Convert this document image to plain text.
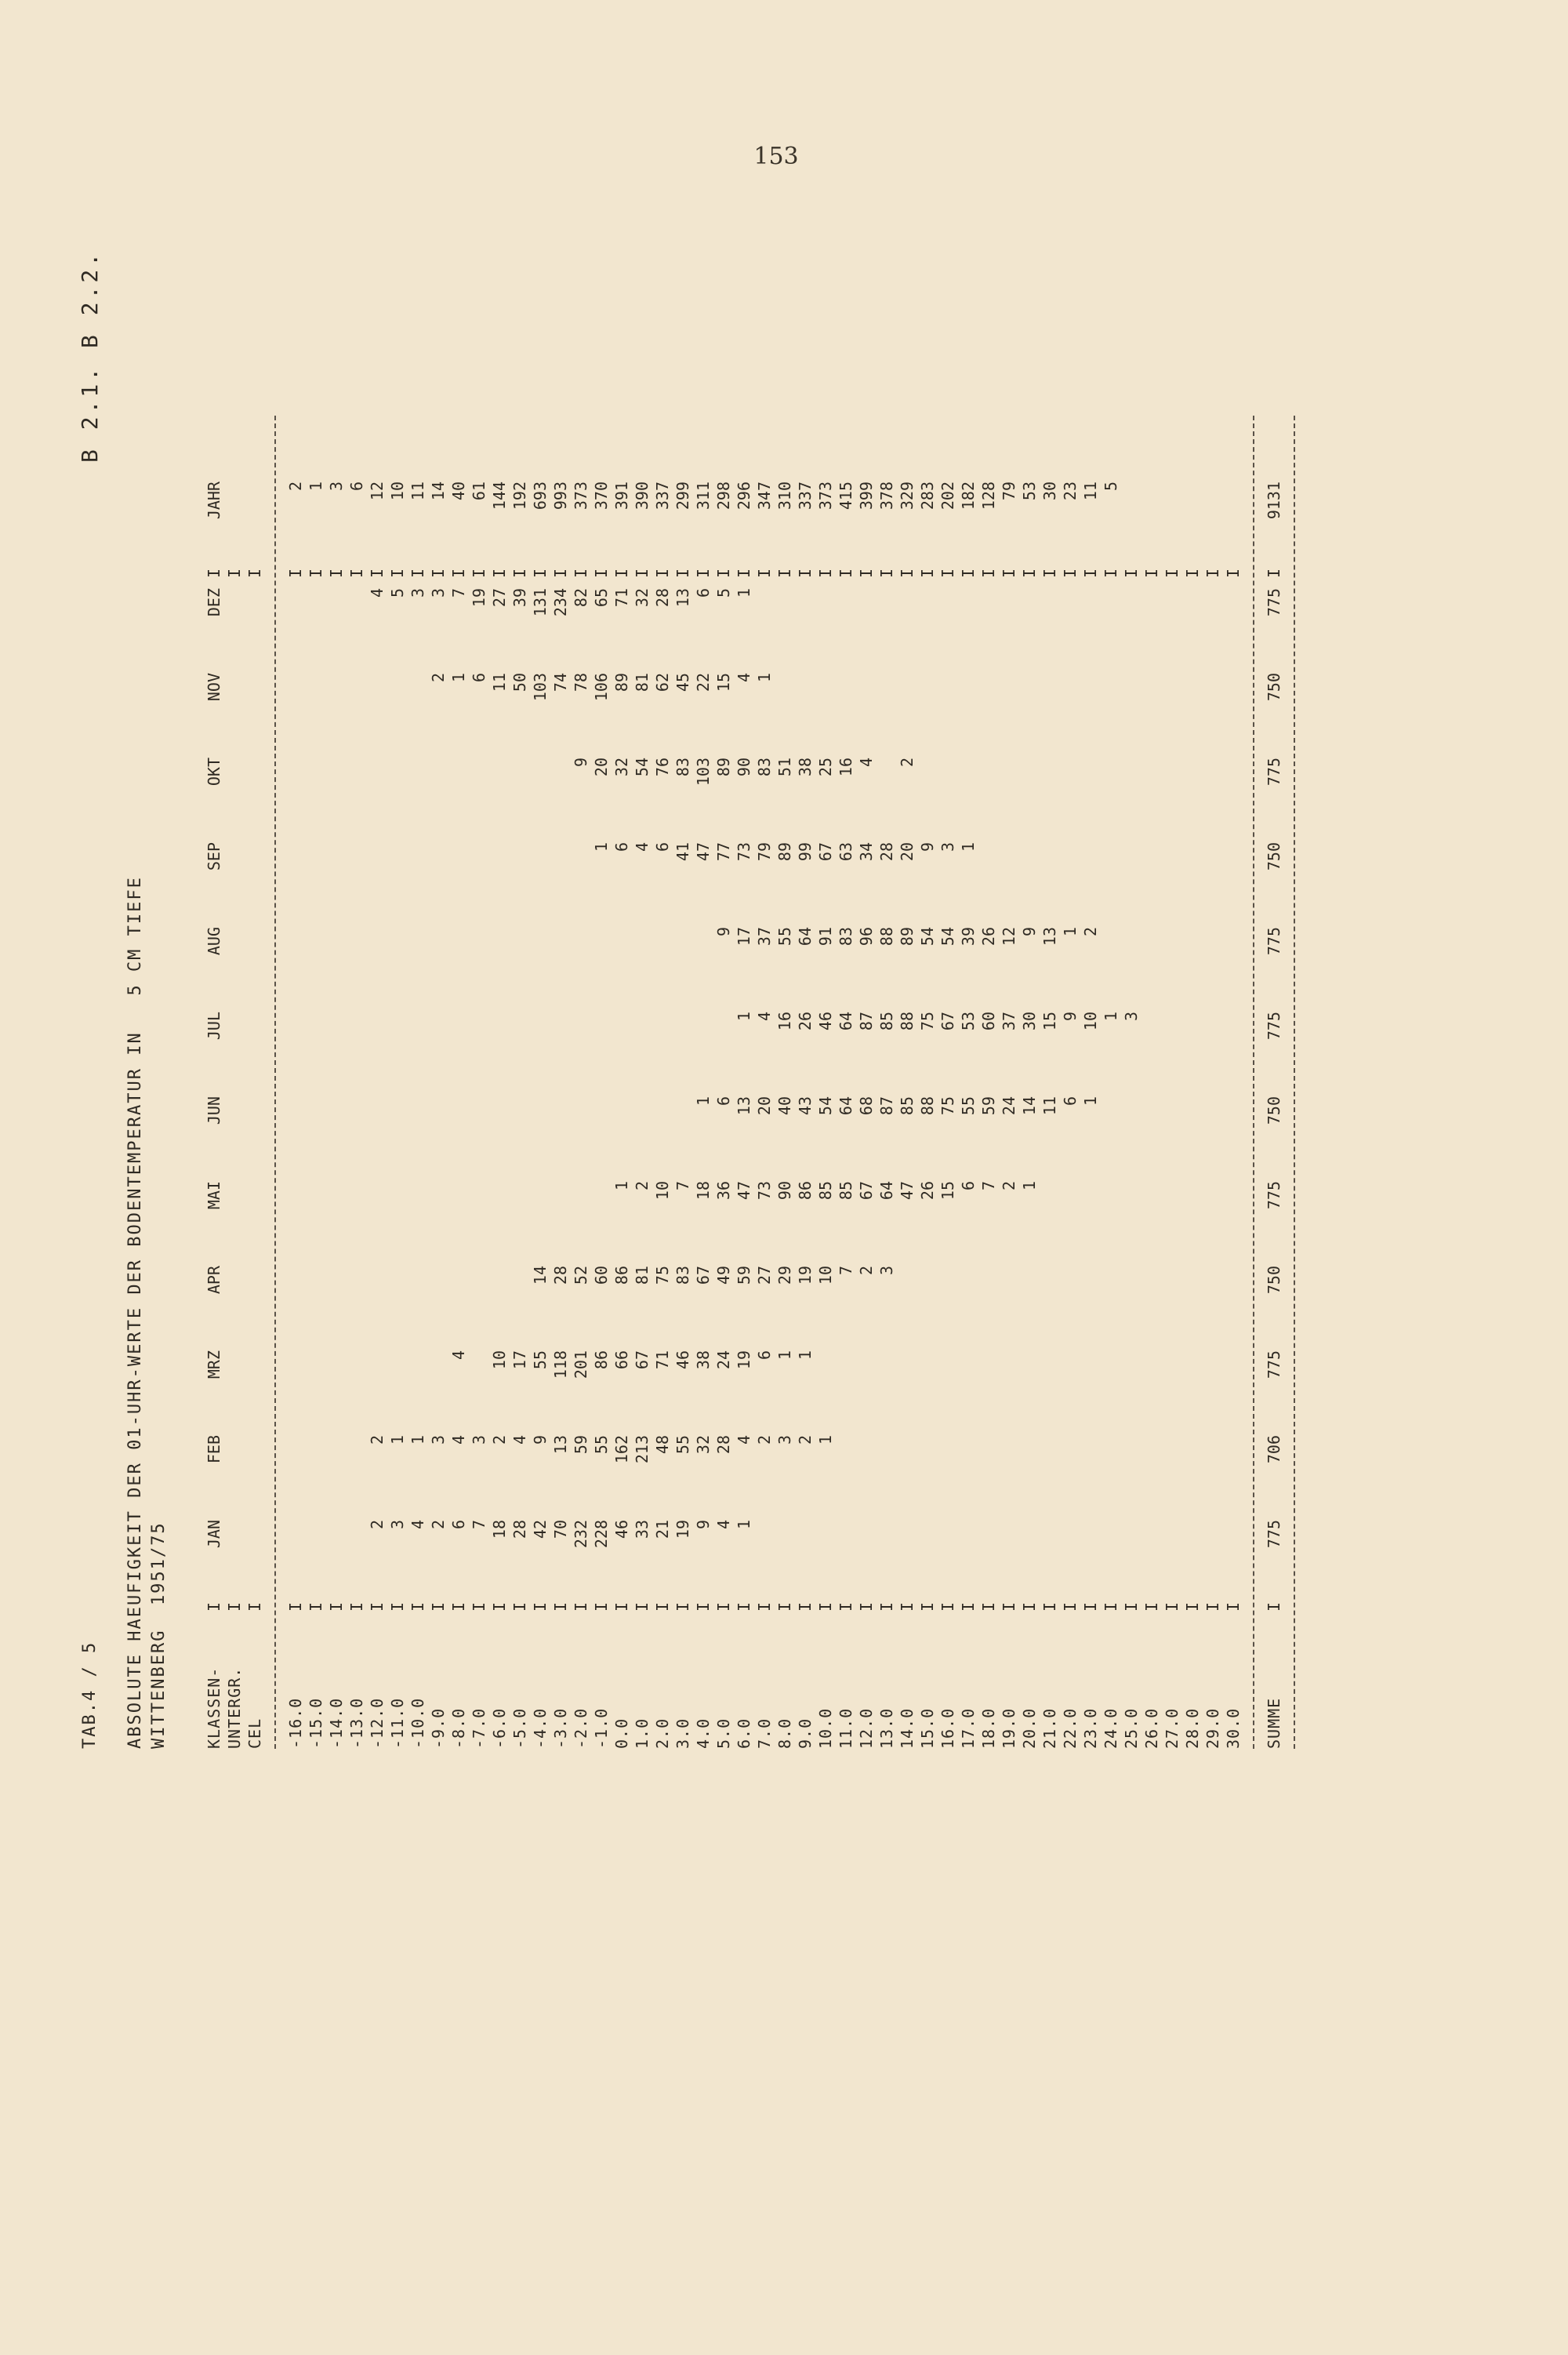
153

TAB.4 / 5

B 2.1. B 2.2.

ABSOLUTE HAEUFIGKEIT DER 01-UHR-WERTE DER BODENTEMPERATUR IN   5 CM TIEFE

WITTENBERG  1951/75

KLASSEN-
I
JAN
FEB
MRZ
APR
MAI
JUN
JUL
AUG
SEP
OKT
NOV
DEZ
I
JAHR
UNTERGR.
I
I
CEL
I
I
-16.0
I
I
2
-15.0
I
I
1
-14.0
I
I
3
-13.0
I
I
6
-12.0
I
2
2
4
I
12
-11.0
I
3
1
5
I
10
-10.0
I
4
1
3
I
11
-9.0
I
2
3
2
3
I
14
-8.0
I
6
4
4
1
7
I
40
-7.0
I
7
3
6
19
I
61
-6.0
I
18
2
10
11
27
I
144
-5.0
I
28
4
17
50
39
I
192
-4.0
I
42
9
55
14
103
131
I
693
-3.0
I
70
13
118
28
74
234
I
993
-2.0
I
232
59
201
52
9
78
82
I
373
-1.0
I
228
55
86
60
1
20
106
65
I
370
0.0
I
46
162
66
86
1
6
32
89
71
I
391
1.0
I
33
213
67
81
2
4
54
81
32
I
390
2.0
I
21
48
71
75
10
6
76
62
28
I
337
3.0
I
19
55
46
83
7
41
83
45
13
I
299
4.0
I
9
32
38
67
18
1
47
103
22
6
I
311
5.0
I
4
28
24
49
36
6
9
77
89
15
5
I
298
6.0
I
1
4
19
59
47
13
1
17
73
90
4
1
I
296
7.0
I
2
6
27
73
20
4
37
79
83
1
I
347
8.0
I
3
1
29
90
40
16
55
89
51
I
310
9.0
I
2
1
19
86
43
26
64
99
38
I
337
10.0
I
1
10
85
54
46
91
67
25
I
373
11.0
I
7
85
64
64
83
63
16
I
415
12.0
I
2
67
68
87
96
34
4
I
399
13.0
I
3
64
87
85
88
28
I
378
14.0
I
47
85
88
89
20
2
I
329
15.0
I
26
88
75
54
9
I
283
16.0
I
15
75
67
54
3
I
202
17.0
I
6
55
53
39
1
I
182
18.0
I
7
59
60
26
I
128
19.0
I
2
24
37
12
I
79
20.0
I
1
14
30
9
I
53
21.0
I
11
15
13
I
30
22.0
I
6
9
1
I
23
23.0
I
1
10
2
I
11
24.0
I
1
I
5
25.0
I
3
I
26.0
I
I
27.0
I
I
28.0
I
I
29.0
I
I
30.0
I
I
SUMME
I
775
706
775
750
775
750
775
775
750
775
750
775
I
9131
